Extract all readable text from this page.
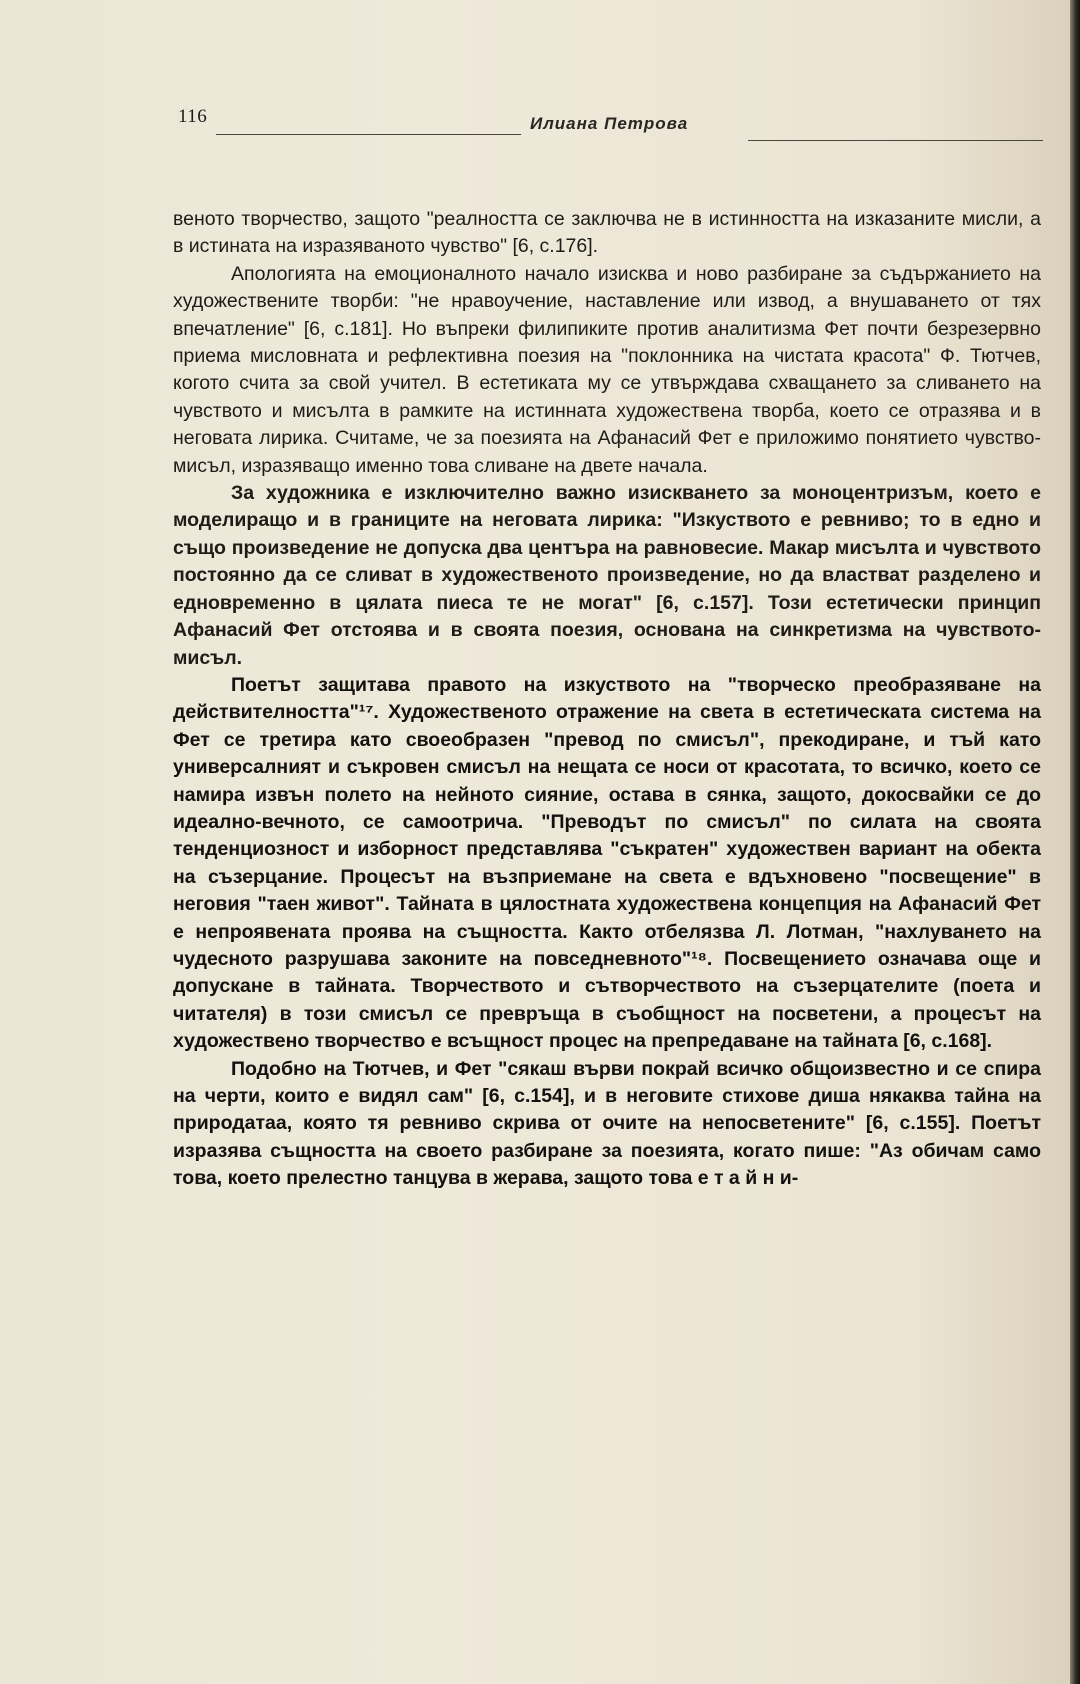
116	Илиана Петрова

веното творчество, защото "реалността се заключва не в истинността на изказаните мисли, а в истината на изразяваното чувство" [6, с.176].

Апологията на емоционалното начало изисква и ново разбиране за съдържанието на художествените творби: "не нравоучение, наставление или извод, а внушаването от тях впечатление" [6, с.181]. Но въпреки филипиките против аналитизма Фет почти безрезервно приема мисловната и рефлективна поезия на "поклонника на чистата красота" Ф. Тютчев, когото счита за свой учител. В естетиката му се утвърждава схващането за сливането на чувството и мисълта в рамките на истинната художествена творба, което се отразява и в неговата лирика. Считаме, че за поезията на Афанасий Фет е приложимо понятието чувство-мисъл, изразяващо именно това сливане на двете начала.

За художника е изключително важно изискването за моноцентризъм, което е моделиращо и в границите на неговата лирика: "Изкуството е ревниво; то в едно и също произведение не допуска два центъра на равновесие. Макар мисълта и чувството постоянно да се сливат в художественото произведение, но да властват разделено и едновременно в цялата пиеса те не могат" [6, с.157]. Този естетически принцип Афанасий Фет отстоява и в своята поезия, основана на синкретизма на чувството-мисъл.

Поетът защитава правото на изкуството на "творческо преобразяване на действителността"¹⁷. Художественото отражение на света в естетическата система на Фет се третира като своеобразен "превод по смисъл", прекодиране, и тъй като универсалният и съкровен смисъл на нещата се носи от красотата, то всичко, което се намира извън полето на нейното сияние, остава в сянка, защото, докосвайки се до идеално-вечното, се самоотрича. "Преводът по смисъл" по силата на своята тенденциозност и изборност представлява "съкратен" художествен вариант на обекта на съзерцание. Процесът на възприемане на света е вдъхновено "посвещение" в неговия "таен живот". Тайната в цялостната художествена концепция на Афанасий Фет е непроявената проява на същността. Както отбелязва Л. Лотман, "нахлуването на чудесното разрушава законите на повседневното"¹⁸. Посвещението означава още и допускане в тайната. Творчеството и сътворчеството на съзерцателите (поета и читателя) в този смисъл се превръща в съобщност на посветени, а процесът на художествено творчество е всъщност процес на препредаване на тайната [6, с.168].

Подобно на Тютчев, и Фет "сякаш върви покрай всичко общоизвестно и се спира на черти, които е видял сам" [6, с.154], и в неговите стихове диша някаква тайна на природатаа, която тя ревниво скрива от очите на непосветените" [6, с.155]. Поетът изразява същността на своето разбиране за поезията, когато пише: "Аз обичам само това, което прелестно танцува в жерава, защото това е т а й н и-
